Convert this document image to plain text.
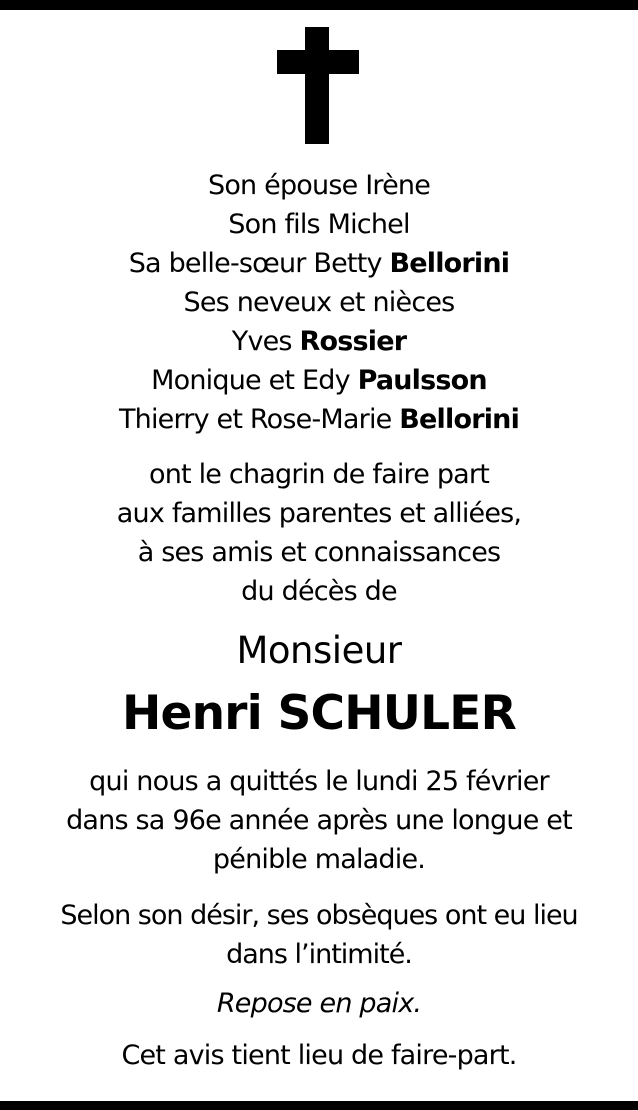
Son épouse Irène
Son fils Michel
Sa belle-sœur Betty Bellorini
Ses neveux et nièces
Yves Rossier
Monique et Edy Paulsson
Thierry et Rose-Marie Bellorini
ont le chagrin de faire part
aux familles parentes et alliées,
à ses amis et connaissances
du décès de
Monsieur
Henri SCHULER
qui nous a quittés le lundi 25 février
dans sa 96e année après une longue et
pénible maladie.
Selon son désir, ses obsèques ont eu lieu
dans l’intimité.
Repose en paix.
Cet avis tient lieu de faire-part.
